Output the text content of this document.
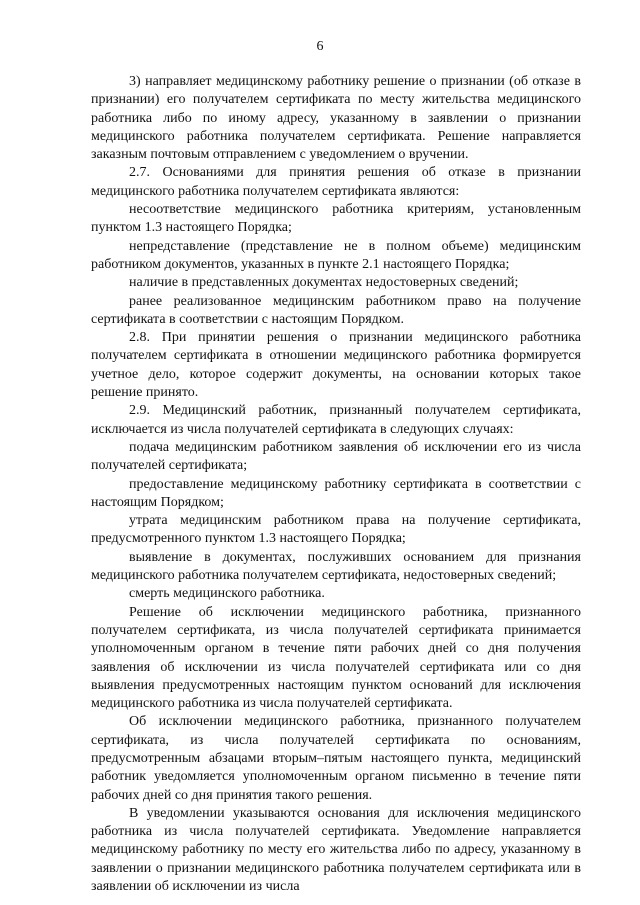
6

3) направляет медицинскому работнику решение о признании (об отказе в признании) его получателем сертификата по месту жительства медицинского работника либо по иному адресу, указанному в заявлении о признании медицинского работника получателем сертификата. Решение направляется заказным почтовым отправлением с уведомлением о вручении.

2.7. Основаниями для принятия решения об отказе в признании медицинского работника получателем сертификата являются:

несоответствие медицинского работника критериям, установленным пунктом 1.3 настоящего Порядка;

непредставление (представление не в полном объеме) медицинским работником документов, указанных в пункте 2.1 настоящего Порядка;

наличие в представленных документах недостоверных сведений;

ранее реализованное медицинским работником право на получение сертификата в соответствии с настоящим Порядком.

2.8. При принятии решения о признании медицинского работника получателем сертификата в отношении медицинского работника формируется учетное дело, которое содержит документы, на основании которых такое решение принято.

2.9. Медицинский работник, признанный получателем сертификата, исключается из числа получателей сертификата в следующих случаях:

подача медицинским работником заявления об исключении его из числа получателей сертификата;

предоставление медицинскому работнику сертификата в соответствии с настоящим Порядком;

утрата медицинским работником права на получение сертификата, предусмотренного пунктом 1.3 настоящего Порядка;

выявление в документах, послуживших основанием для признания медицинского работника получателем сертификата, недостоверных сведений;

смерть медицинского работника.

Решение об исключении медицинского работника, признанного получателем сертификата, из числа получателей сертификата принимается уполномоченным органом в течение пяти рабочих дней со дня получения заявления об исключении из числа получателей сертификата или со дня выявления предусмотренных настоящим пунктом оснований для исключения медицинского работника из числа получателей сертификата.

Об исключении медицинского работника, признанного получателем сертификата, из числа получателей сертификата по основаниям, предусмотренным абзацами вторым–пятым настоящего пункта, медицинский работник уведомляется уполномоченным органом письменно в течение пяти рабочих дней со дня принятия такого решения.

В уведомлении указываются основания для исключения медицинского работника из числа получателей сертификата. Уведомление направляется медицинскому работнику по месту его жительства либо по адресу, указанному в заявлении о признании медицинского работника получателем сертификата или в заявлении об исключении из числа
